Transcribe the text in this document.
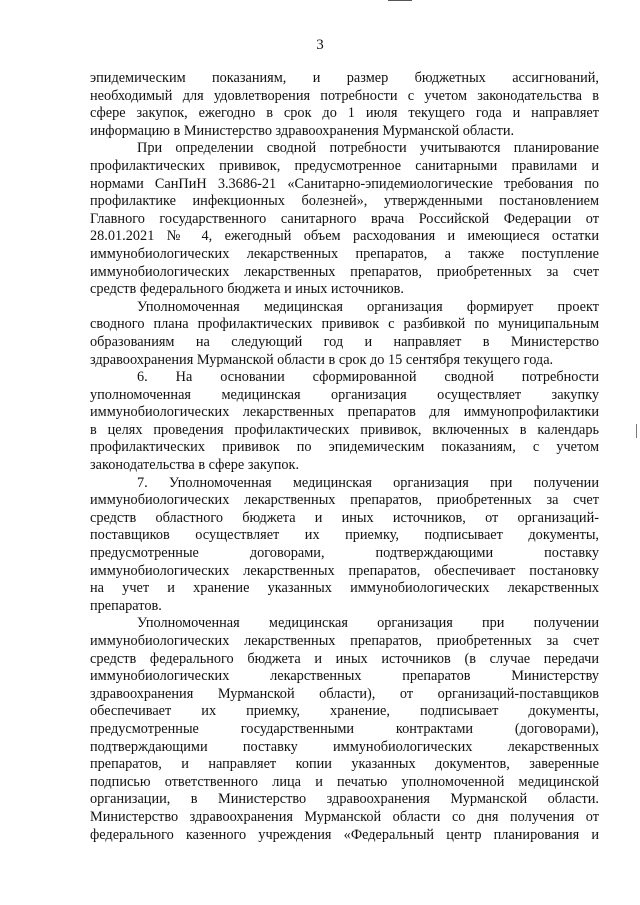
3
эпидемическим показаниям, и размер бюджетных ассигнований,
необходимый для удовлетворения потребности с учетом законодательства в
сфере закупок, ежегодно в срок до 1 июля текущего года и направляет
информацию в Министерство здравоохранения Мурманской области.
При определении сводной потребности учитываются планирование
профилактических прививок, предусмотренное санитарными правилами и
нормами СанПиН 3.3686-21 «Санитарно-эпидемиологические требования по
профилактике инфекционных болезней», утвержденными постановлением
Главного государственного санитарного врача Российской Федерации от
28.01.2021 № 4, ежегодный объем расходования и имеющиеся остатки
иммунобиологических лекарственных препаратов, а также поступление
иммунобиологических лекарственных препаратов, приобретенных за счет
средств федерального бюджета и иных источников.
Уполномоченная медицинская организация формирует проект
сводного плана профилактических прививок с разбивкой по муниципальным
образованиям на следующий год и направляет в Министерство
здравоохранения Мурманской области в срок до 15 сентября текущего года.
6. На основании сформированной сводной потребности
уполномоченная медицинская организация осуществляет закупку
иммунобиологических лекарственных препаратов для иммунопрофилактики
в целях проведения профилактических прививок, включенных в календарь
профилактических прививок по эпидемическим показаниям, с учетом
законодательства в сфере закупок.
7. Уполномоченная медицинская организация при получении
иммунобиологических лекарственных препаратов, приобретенных за счет
средств областного бюджета и иных источников, от организаций-
поставщиков осуществляет их приемку, подписывает документы,
предусмотренные договорами, подтверждающими поставку
иммунобиологических лекарственных препаратов, обеспечивает постановку
на учет и хранение указанных иммунобиологических лекарственных
препаратов.
Уполномоченная медицинская организация при получении
иммунобиологических лекарственных препаратов, приобретенных за счет
средств федерального бюджета и иных источников (в случае передачи
иммунобиологических лекарственных препаратов Министерству
здравоохранения Мурманской области), от организаций-поставщиков
обеспечивает их приемку, хранение, подписывает документы,
предусмотренные государственными контрактами (договорами),
подтверждающими поставку иммунобиологических лекарственных
препаратов, и направляет копии указанных документов, заверенные
подписью ответственного лица и печатью уполномоченной медицинской
организации, в Министерство здравоохранения Мурманской области.
Министерство здравоохранения Мурманской области со дня получения от
федерального казенного учреждения «Федеральный центр планирования и
